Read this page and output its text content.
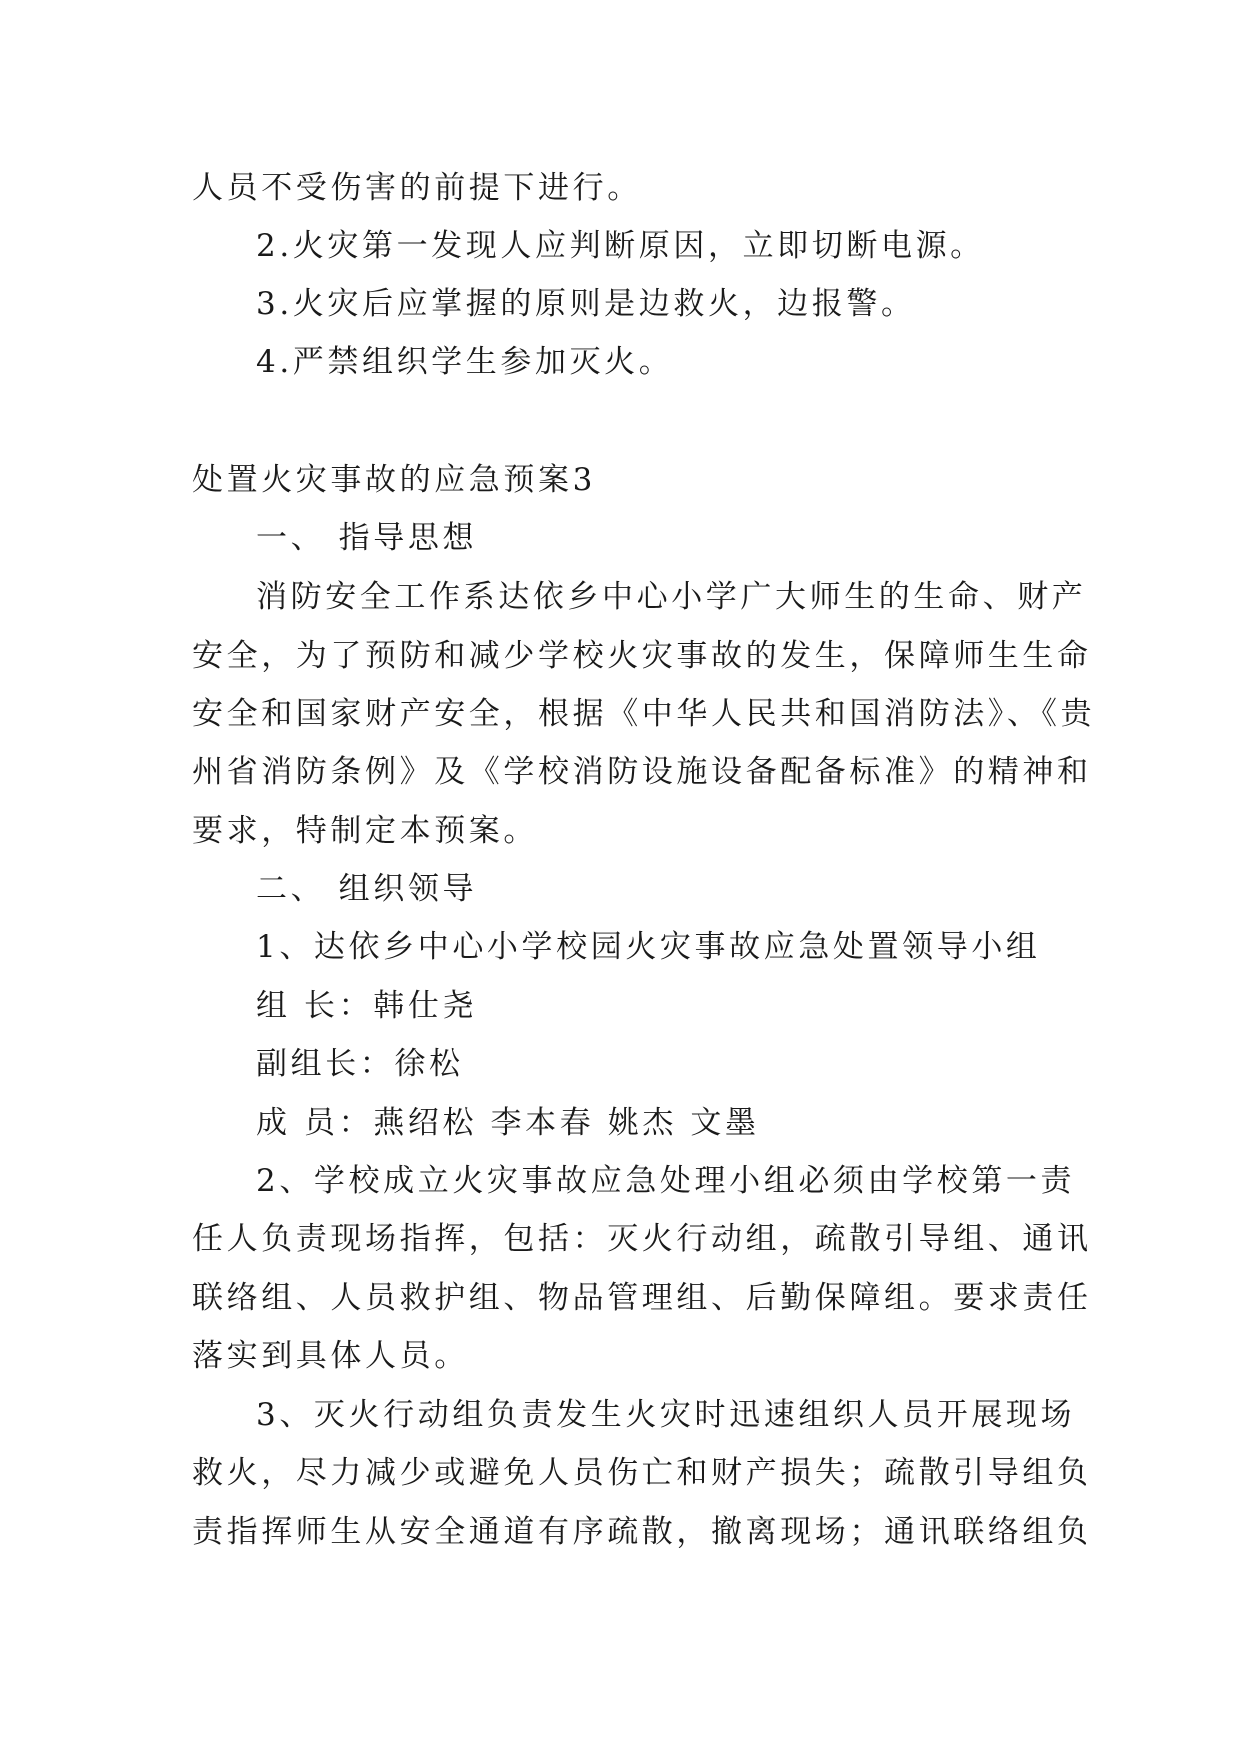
人员不受伤害的前提下进行。
2.火灾第一发现人应判断原因，立即切断电源。
3.火灾后应掌握的原则是边救火，边报警。
4.严禁组织学生参加灭火。
处置火灾事故的应急预案3
一、 指导思想
消防安全工作系达依乡中心小学广大师生的生命、财产
安全，为了预防和减少学校火灾事故的发生，保障师生生命
安全和国家财产安全，根据《中华人民共和国消防法》、《贵
州省消防条例》及《学校消防设施设备配备标准》的精神和
要求，特制定本预案。
二、 组织领导
1、达依乡中心小学校园火灾事故应急处置领导小组
组 长：韩仕尧
副组长：徐松
成 员：燕绍松 李本春 姚杰 文墨
2、学校成立火灾事故应急处理小组必须由学校第一责
任人负责现场指挥，包括：灭火行动组，疏散引导组、通讯
联络组、人员救护组、物品管理组、后勤保障组。要求责任
落实到具体人员。
3、灭火行动组负责发生火灾时迅速组织人员开展现场
救火，尽力减少或避免人员伤亡和财产损失；疏散引导组负
责指挥师生从安全通道有序疏散，撤离现场；通讯联络组负
